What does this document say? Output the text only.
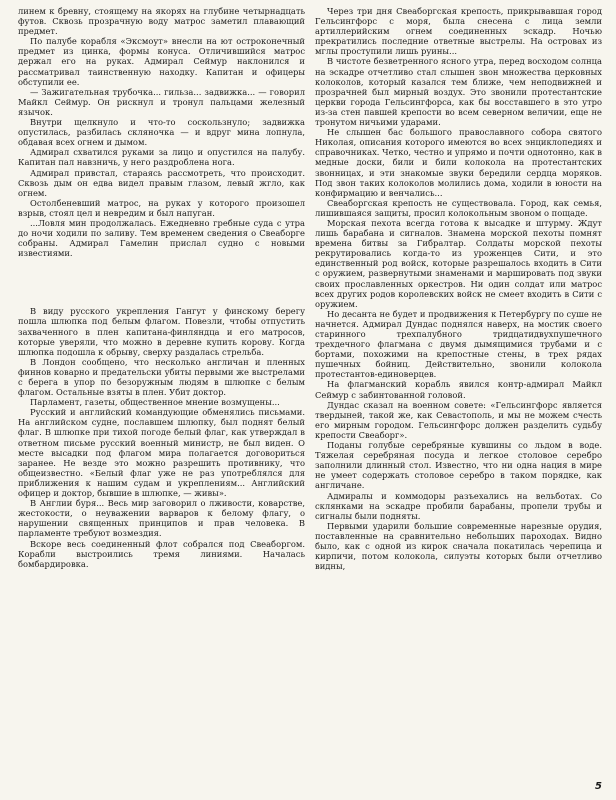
линем к бревну, стоящему на якорях на глубине четырнадцать футов. Сквозь прозрачную воду матрос заметил плавающий предмет.

По палубе корабля «Эксмоут» внесли на ют остроконечный предмет из цинка, формы конуса. Отличившийся матрос держал его на руках. Адмирал Сеймур наклонился и рассматривал таинственную находку. Капитан и офицеры обступили ее.

— Зажигательная трубочка... гильза... задвижка... — говорил Майкл Сеймур. Он рискнул и тронул пальцами железный язычок.

Внутри щелкнуло и что-то соскользнуло; задвижка опустилась, разбилась скляночка — и вдруг мина лопнула, обдавая всех огнем и дымом.

Адмирал схватился руками за лицо и опустился на палубу. Капитан пал навзничь, у него раздроблена нога.

Адмирал привстал, стараясь рассмотреть, что происходит. Сквозь дым он едва видел правым глазом, левый жгло, как огнем.

Остолбеневший матрос, на руках у которого произошел взрыв, стоял цел и невредим и был напуган.

...Ловля мин продолжалась. Ежедневно гребные суда с утра до ночи ходили по заливу. Тем временем сведения о Свеаборге собраны. Адмирал Гамелин прислал судно с новыми известиями.

В виду русского укрепления Гангут у финскому берегу пошла шлюпка под белым флагом. Повезли, чтобы отпустить захваченного в плен капитана-финляндца и его матросов, которые уверяли, что можно в деревне купить корову. Когда шлюпка подошла к обрыву, сверху раздалась стрельба.

В Лондон сообщено, что несколько англичан и пленных финнов коварно и предательски убиты первыми же выстрелами с берега в упор по безоружным людям в шлюпке с белым флагом. Остальные взяты в плен. Убит доктор.

Парламент, газеты, общественное мнение возмущены...

Русский и английский командующие обменялись письмами. На английском судне, пославшем шлюпку, был поднят белый флаг. В шлюпке при тихой погоде белый флаг, как утверждал в ответном письме русский военный министр, не был виден. О месте высадки под флагом мира полагается договориться заранее. Не везде это можно разрешить противнику, что общеизвестно. «Белый флаг уже не раз употреблялся для приближения к нашим судам и укреплениям... Английский офицер и доктор, бывшие в шлюпке, — живы».

В Англии буря... Весь мир заговорил о лживости, коварстве, жестокости, о неуважении варваров к белому флагу, о нарушении священных принципов и прав человека. В парламенте требуют возмездия.

Вскоре весь соединенный флот собрался под Свеаборгом. Корабли выстроились тремя линиями. Началась бомбардировка.

Через три дня Свеаборгская крепость, прикрывавшая город Гельсингфорс с моря, была снесена с лица земли артиллерийским огнем соединенных эскадр. Ночью прекратились последние ответные выстрелы. На островах из мглы проступили лишь руины...

В чистоте безветренного ясного утра, перед восходом солнца на эскадре отчетливо стал слышен звон множества церковных колоколов, который казался тем ближе, чем неподвижней и прозрачней был мирный воздух. Это звонили протестантские церкви города Гельсингфорса, как бы восставшего в это утро из-за стен павшей крепости во всем северном величии, еще не тронутом ничьими ударами.

Не слышен бас большого православного собора святого Николая, описания которого имеются во всех энциклопедиях и справочниках. Четко, честно и упрямо и почти однотонно, как в медные доски, били и били колокола на протестантских звонницах, и эти знакомые звуки бередили сердца моряков. Под звон таких колоколов молились дома, ходили в юности на конфирмацию и венчались...

Свеаборгская крепость не существовала. Город, как семья, лишившаяся защиты, просил колокольным звоном о пощаде.

Морская пехота всегда готова к высадке и штурму. Ждут лишь барабана и сигналов. Знамена морской пехоты помнят времена битвы за Гибралтар. Солдаты морской пехоты рекрутировались когда-то из уроженцев Сити, и это единственный род войск, которые разрешалось входить в Сити с оружием, развернутыми знаменами и маршировать под звуки своих прославленных оркестров. Ни один солдат или матрос всех других родов королевских войск не смеет входить в Сити с оружием.

Но десанта не будет и продвижения к Петербургу по суше не начнется. Адмирал Дундас поднялся наверх, на мостик своего старинного трехпалубного тридцатидвухпушечного трехдечного флагмана с двумя дымящимися трубами и с бортами, похожими на крепостные стены, в трех рядах пушечных бойниц. Действительно, звонили колокола протестантов-единоверцев.

На флагманский корабль явился контр-адмирал Майкл Сеймур с забинтованной головой.

Дундас сказал на военном совете: «Гельсингфорс является твердыней, такой же, как Севастополь, и мы не можем счесть его мирным городом. Гельсингфорс должен разделить судьбу крепости Свеаборг».

Поданы голубые серебряные кувшины со льдом в воде. Тяжелая серебряная посуда и легкое столовое серебро заполнили длинный стол. Известно, что ни одна нация в мире не умеет содержать столовое серебро в таком порядке, как англичане.

Адмиралы и коммодоры разъехались на вельботах. Со склянками на эскадре пробили барабаны, пропели трубы и сигналы были подняты.

Первыми ударили большие современные нарезные орудия, поставленные на сравнительно небольших пароходах. Видно было, как с одной из кирок сначала покатилась черепица и кирпичи, потом колокола, силуэты которых были отчетливо видны,

5
